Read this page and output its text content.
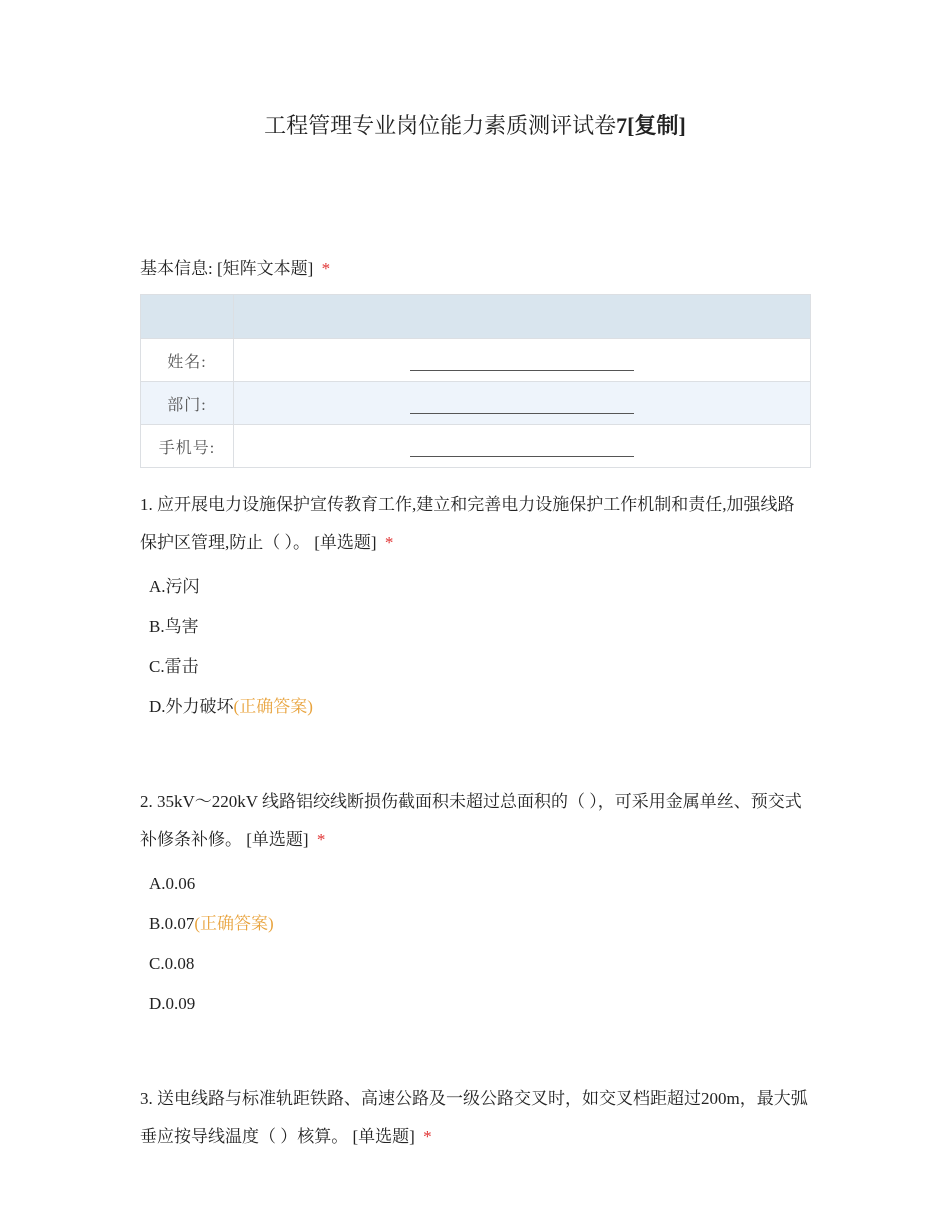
工程管理专业岗位能力素质测评试卷7[复制]
基本信息: [矩阵文本题] *

姓名:	
部门:	
手机号:	
1. 应开展电力设施保护宣传教育工作,建立和完善电力设施保护工作机制和责任,加强线路保护区管理,防止（ ）。 [单选题] *
A.污闪
B.鸟害
C.雷击
D.外力破坏(正确答案)
2. 35kV～220kV 线路铝绞线断损伤截面积未超过总面积的（ ），可采用金属单丝、预交式补修条补修。 [单选题] *
A.0.06
B.0.07(正确答案)
C.0.08
D.0.09
3. 送电线路与标准轨距铁路、高速公路及一级公路交叉时，如交叉档距超过200m，最大弧垂应按导线温度（ ）核算。 [单选题] *
